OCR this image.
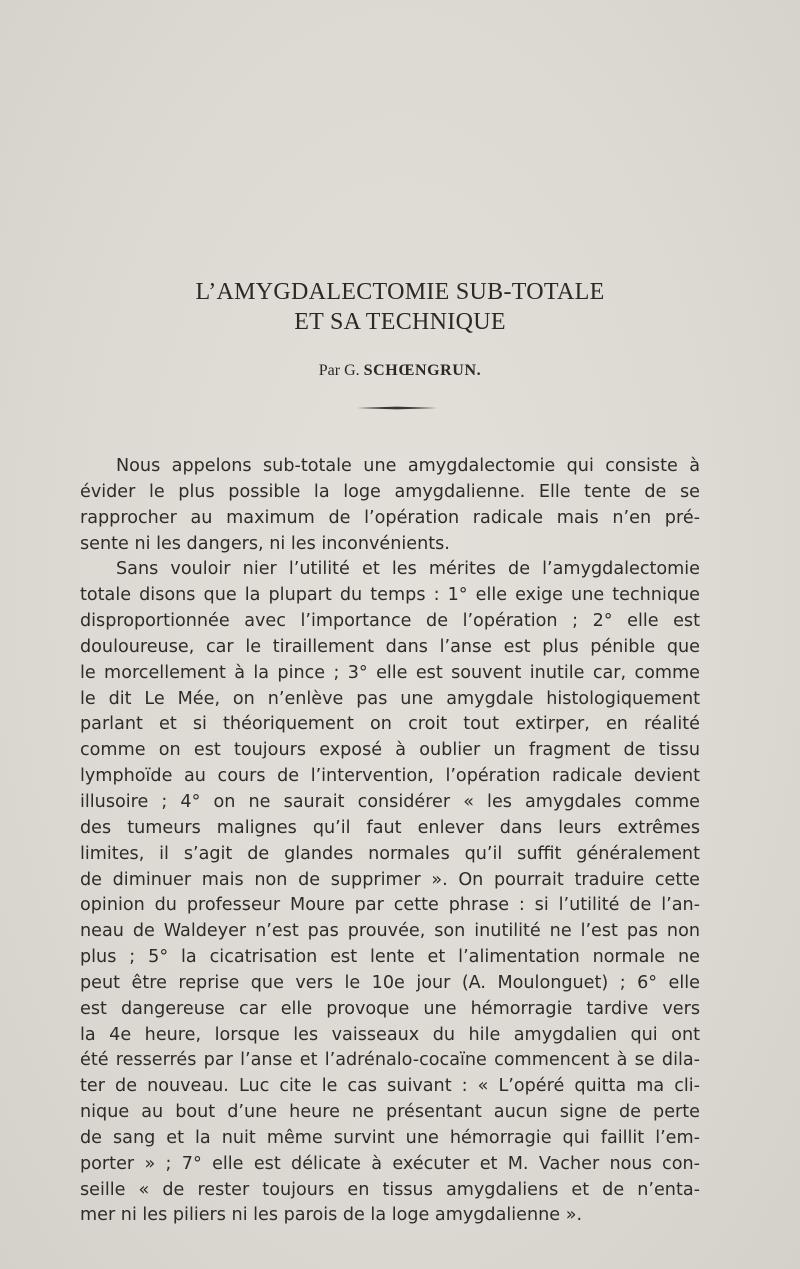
L’AMYGDALECTOMIE SUB-TOTALE
ET SA TECHNIQUE
Par G. SCHŒNGRUN.
Nous appelons sub-totale une amygdalectomie qui consiste à
évider le plus possible la loge amygdalienne. Elle tente de se
rapprocher au maximum de l’opération radicale mais n’en pré-
sente ni les dangers, ni les inconvénients.
Sans vouloir nier l’utilité et les mérites de l’amygdalectomie
totale disons que la plupart du temps : 1° elle exige une technique
disproportionnée avec l’importance de l’opération ; 2° elle est
douloureuse, car le tiraillement dans l’anse est plus pénible que
le morcellement à la pince ; 3° elle est souvent inutile car, comme
le dit Le Mée, on n’enlève pas une amygdale histologiquement
parlant et si théoriquement on croit tout extirper, en réalité
comme on est toujours exposé à oublier un fragment de tissu
lymphoïde au cours de l’intervention, l’opération radicale devient
illusoire ; 4° on ne saurait considérer « les amygdales comme
des tumeurs malignes qu’il faut enlever dans leurs extrêmes
limites, il s’agit de glandes normales qu’il suffit généralement
de diminuer mais non de supprimer ». On pourrait traduire cette
opinion du professeur Moure par cette phrase : si l’utilité de l’an-
neau de Waldeyer n’est pas prouvée, son inutilité ne l’est pas non
plus ; 5° la cicatrisation est lente et l’alimentation normale ne
peut être reprise que vers le 10e jour (A. Moulonguet) ; 6° elle
est dangereuse car elle provoque une hémorragie tardive vers
la 4e heure, lorsque les vaisseaux du hile amygdalien qui ont
été resserrés par l’anse et l’adrénalo-cocaïne commencent à se dila-
ter de nouveau. Luc cite le cas suivant : « L’opéré quitta ma cli-
nique au bout d’une heure ne présentant aucun signe de perte
de sang et la nuit même survint une hémorragie qui faillit l’em-
porter » ; 7° elle est délicate à exécuter et M. Vacher nous con-
seille « de rester toujours en tissus amygdaliens et de n’enta-
mer ni les piliers ni les parois de la loge amygdalienne ».
